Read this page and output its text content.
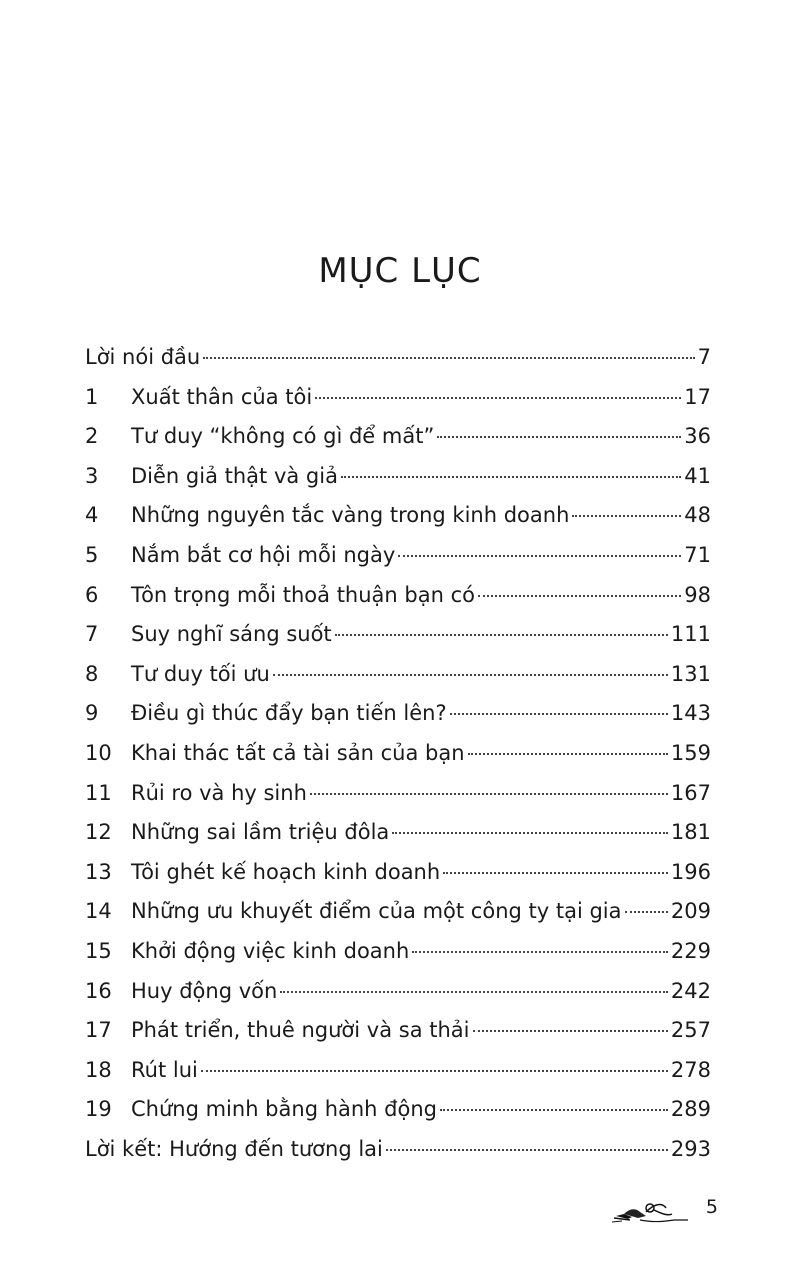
MỤC LỤC
Lời nói đầu	7
1	Xuất thân của tôi	17
2	Tư duy “không có gì để mất”	36
3	Diễn giả thật và giả	41
4	Những nguyên tắc vàng trong kinh doanh	48
5	Nắm bắt cơ hội mỗi ngày	71
6	Tôn trọng mỗi thoả thuận bạn có	98
7	Suy nghĩ sáng suốt	111
8	Tư duy tối ưu	131
9	Điều gì thúc đẩy bạn tiến lên?	143
10 Khai thác tất cả tài sản của bạn	159
11 Rủi ro và hy sinh	167
12 Những sai lầm triệu đôla	181
13 Tôi ghét kế hoạch kinh doanh	196
14 Những ưu khuyết điểm của một công ty tại gia 209
15 Khởi động việc kinh doanh	229
16 Huy động vốn	242
17 Phát triển, thuê người và sa thải	257
18 Rút lui	278
19 Chứng minh bằng hành động	289
Lời kết: Hướng đến tương lai	293
5
